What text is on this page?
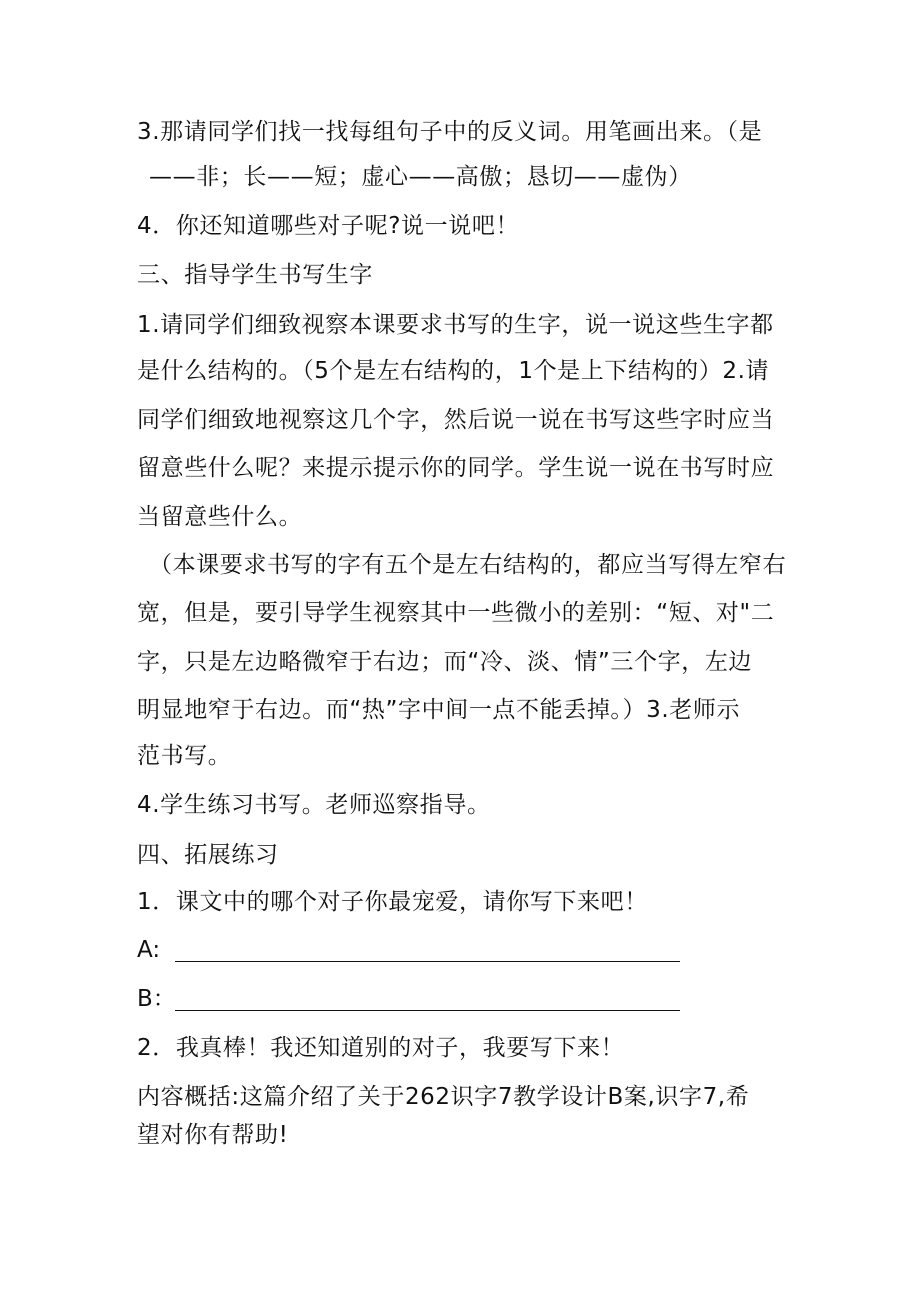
3.那请同学们找一找每组句子中的反义词。用笔画出来。（是
——非；长——短；虚心——高傲；恳切——虚伪）
4．你还知道哪些对子呢?说一说吧！
三、指导学生书写生字
1.请同学们细致视察本课要求书写的生字，说一说这些生字都
是什么结构的。（5个是左右结构的，1个是上下结构的）2.请
同学们细致地视察这几个字，然后说一说在书写这些字时应当
留意些什么呢？来提示提示你的同学。学生说一说在书写时应
当留意些什么。
（本课要求书写的字有五个是左右结构的，都应当写得左窄右
宽，但是，要引导学生视察其中一些微小的差别：“短、对"二
字，只是左边略微窄于右边；而“冷、淡、情”三个字，左边
明显地窄于右边。而“热”字中间一点不能丢掉。）3.老师示
范书写。
4.学生练习书写。老师巡察指导。
四、拓展练习
1．课文中的哪个对子你最宠爱，请你写下来吧！
A:
B：
2．我真棒！我还知道别的对子，我要写下来！
内容概括:这篇介绍了关于262识字7教学设计B案,识字7,希
望对你有帮助!
